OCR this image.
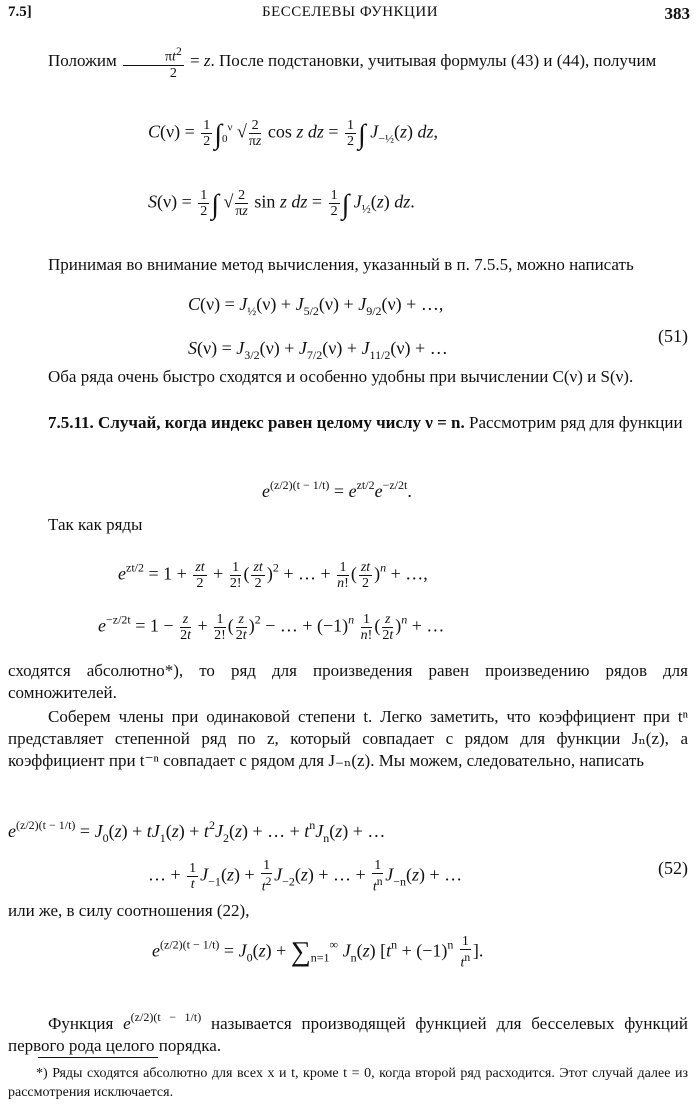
7.5]	БЕССЕЛЕВЫ ФУНКЦИИ	383
Положим $\frac{\pi t^2}{2} = z$. После подстановки, учитывая формулы (43) и (44), получим
$C(\nu) = \frac{1}{2} \int_0^\nu$ √ $\frac{2}{\pi z}$ cos z dz = $\frac{1}{2}$ ∫ $J_{-\frac{1}{2}}(z)$ dz,
$S(\nu) = \frac{1}{2}$ ∫ √ $\frac{2}{\pi z}$ sin z dz = $\frac{1}{2}$ ∫ $J_{\frac{1}{2}}(z)$ dz.
Принимая во внимание метод вычисления, указанный в п. 7.5.5, можно написать
$C(\nu) = J_{\frac{1}{2}}(\nu) + J_{5/2}(\nu) + J_{9/2}(\nu)$ + …,
$S(\nu) = J_{3/2}(\nu) + J_{7/2}(\nu) + J_{11/2}(\nu)$ + …
(51)
Оба ряда очень быстро сходятся и особенно удобны при вычислении C(ν) и S(ν).
7.5.11. Случай, когда индекс равен целому числу ν = n. Рассмотрим ряд для функции
$e^{(z/2)(t - 1/t)} = e^{zt/2}e^{-z/2t}$.
Так как ряды
$e^{zt/2} = 1 + \frac{zt}{2} + \frac{1}{2!}$ ( $\frac{zt}{2} )^2$ + … + $\frac{1}{n!}$ ( $\frac{zt}{2} )^n$ + …,
$e^{-z/2t} = 1 - \frac{z}{2t} + \frac{1}{2!}$ ( $\frac{z}{2t} )^2$ − … + $(-1)^n \frac{1}{n!}$ ( $\frac{z}{2t} )^n$ + …
сходятся абсолютно*), то ряд для произведения равен произведению рядов для сомножителей.
Соберем члены при одинаковой степени t. Легко заметить, что коэффициент при tⁿ представляет степенной ряд по z, который совпадает с рядом для функции Jₙ(z), а коэффициент при t⁻ⁿ совпадает с рядом для J₋ₙ(z). Мы можем, следовательно, написать
$e^{(z/2)(t - 1/t)} = J_0(z) + tJ_1(z) + t^2J_2(z)$ + … + $t^nJ_n(z)$ + …
… + $\frac{1}{t} J_{-1}(z) + \frac{1}{t^2} J_{-2}(z)$ + … + $\frac{1}{t^n} J_{-n}(z)$ + …	(52)
или же, в силу соотношения (22),
$e^{(z/2)(t - 1/t)} = J_0(z) + \sum_{n=1}^\infty$ $J_n(z) [t^n + (-1)^n \frac{1}{t^n}$ ].
Функция $e^{(z/2)(t - 1/t)}$ называется производящей функцией для бесселевых функций первого рода целого порядка.
*) Ряды сходятся абсолютно для всех x и t, кроме t = 0, когда второй ряд расходится. Этот случай далее из рассмотрения исключается.
